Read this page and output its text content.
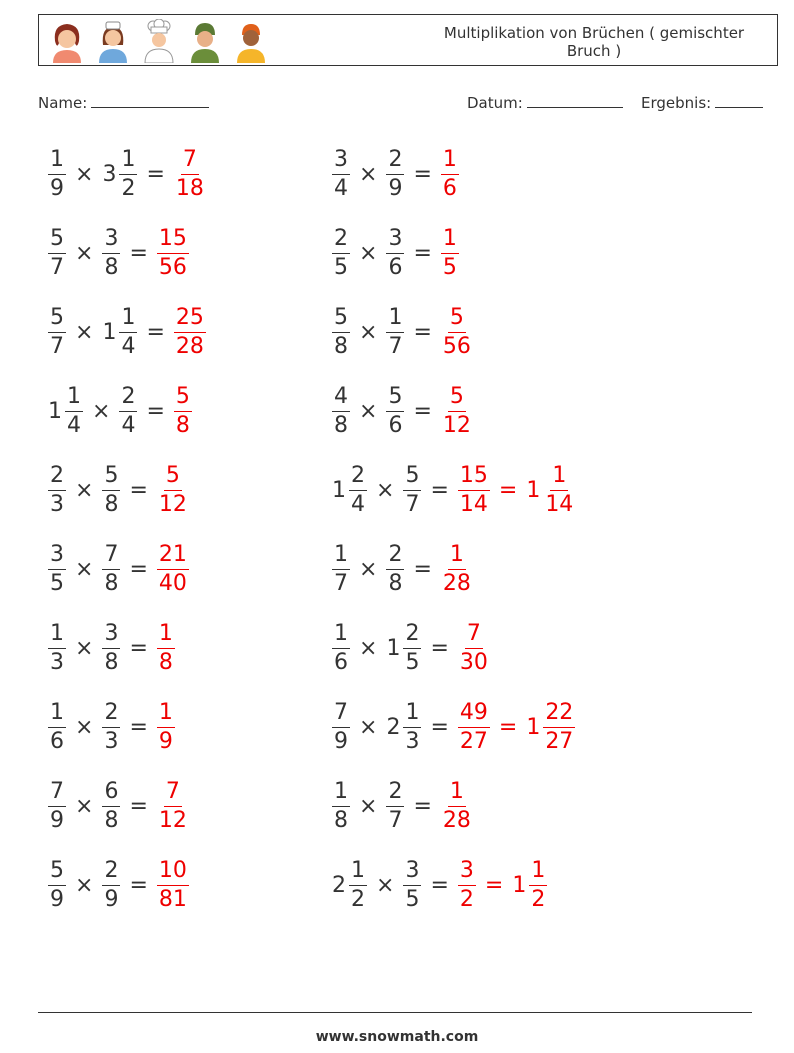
Multiplikation von Brüchen ( gemischter Bruch )
Name:	Datum:	Ergebnis:
$\frac{1}{9} \times 3 \frac{1}{2} = \frac{7}{18}$	$\frac{3}{4} \times \frac{2}{9} = \frac{1}{6}$
$\frac{5}{7} \times \frac{3}{8} = \frac{15}{56}$	$\frac{2}{5} \times \frac{3}{6} = \frac{1}{5}$
$\frac{5}{7} \times 1 \frac{1}{4} = \frac{25}{28}$	$\frac{5}{8} \times \frac{1}{7} = \frac{5}{56}$
$1 \frac{1}{4} \times \frac{2}{4} = \frac{5}{8}$	$\frac{4}{8} \times \frac{5}{6} = \frac{5}{12}$
$\frac{2}{3} \times \frac{5}{8} = \frac{5}{12}$	$1 \frac{2}{4} \times \frac{5}{7} = \frac{15}{14} = 1 \frac{1}{14}$
$\frac{3}{5} \times \frac{7}{8} = \frac{21}{40}$	$\frac{1}{7} \times \frac{2}{8} = \frac{1}{28}$
$\frac{1}{3} \times \frac{3}{8} = \frac{1}{8}$	$\frac{1}{6} \times 1 \frac{2}{5} = \frac{7}{30}$
$\frac{1}{6} \times \frac{2}{3} = \frac{1}{9}$	$\frac{7}{9} \times 2 \frac{1}{3} = \frac{49}{27} = 1 \frac{22}{27}$
$\frac{7}{9} \times \frac{6}{8} = \frac{7}{12}$	$\frac{1}{8} \times \frac{2}{7} = \frac{1}{28}$
$\frac{5}{9} \times \frac{2}{9} = \frac{10}{81}$	$2 \frac{1}{2} \times \frac{3}{5} = \frac{3}{2} = 1 \frac{1}{2}$
www.snowmath.com
